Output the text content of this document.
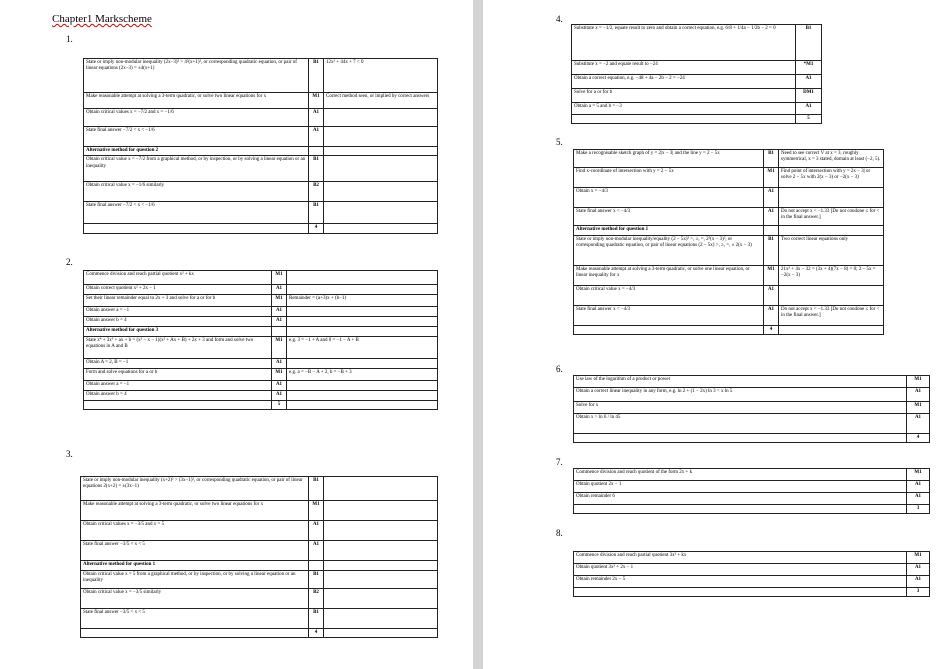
Chapter1 Markscheme
1.
State or imply non-modular inequality (2x−3)² > 4²(x+1)², or corresponding quadratic equation, or pair of linear equations (2x−3) = ±4(x+1)	B1	12x² + 44x + 7 < 0
Make reasonable attempt at solving a 3-term quadratic, or solve two linear equations for x	M1	Correct method seen, or implied by correct answers
Obtain critical values x = −7/2 and x = −1/6	A1	
State final answer −7/2 < x < −1/6	A1	
Alternative method for question 2		
Obtain critical value x = −7/2 from a graphical method, or by inspection, or by solving a linear equation or an inequality	B1	
Obtain critical value x = −1/6 similarly	B2	
State final answer −7/2 < x < −1/6	B1	
	4	
2.
Commence division and reach partial quotient x² + kx	M1	
Obtain correct quotient x² + 2x − 1	A1	
Set their linear remainder equal to 2x + 3 and solve for a or for b	M1	Remainder = (a+3)x + (b−1)
Obtain answer a = −1	A1	
Obtain answer b = 4	A1	
Alternative method for question 3		
State x⁴ + 3x³ + ax + b = (x² − x − 1)(x² + Ax + B) + 2x + 3 and form and solve two equations in A and B	M1	e.g. 3 = −1 + A and 0 = −1 − A + B
Obtain A = 2, B = −1	A1	
Form and solve equations for a or b	M1	e.g. a = −B − A + 2, b = −B + 3
Obtain answer a = −1	A1	
Obtain answer b = 4	A1	
	5	
3.
State or imply non-modular inequality (x+2)² > (3x−1)², or corresponding quadratic equation, or pair of linear equations 2(x+2) = ±(3x−1)	B1	
Make reasonable attempt at solving a 3-term quadratic, or solve two linear equations for x	M1	
Obtain critical values x = −3/5 and x = 5	A1	
State final answer −3/5 < x < 5	A1	
Alternative method for question 1		
Obtain critical value x = 5 from a graphical method, or by inspection, or by solving a linear equation or an inequality	B1	
Obtain critical value x = −3/5 similarly	B2	
State final answer −3/5 < x < 5	B1	
	4	
4.
Substitute x = −1/2, equate result to zero and obtain a correct equation, e.g. 6/8 + 1/4a − 1/2b − 2 = 0	B1
Substitute x = −2 and equate result to −24	*M1
Obtain a correct equation, e.g. −48 + 4a − 2b − 2 = −24	A1
Solve for a or for b	DM1
Obtain a = 5 and b = −3	A1
	5
5.
Make a recognisable sketch graph of y = 2|x − 3| and the line y = 2 − 5x	B1	Need to see correct V at x = 3, roughly symmetrical, x = 3 stated, domain at least (−2, 5).
Find x-coordinate of intersection with y = 2 − 5x	M1	Find point of intersection with y = 2x − 3| or solve 2 − 5x with 2(x − 3) or −2(x − 3)
Obtain x = −4/3	A1	
State final answer x < −4/3	A1	Do not accept x < −1.33 [Do not condone ≤ for < in the final answer.]
Alternative method for question 1		
State or imply non-modular inequality/equality (2 − 5x)² >, ≥, =, 2²(x − 3)², or corresponding quadratic equation, or pair of linear equations (2 − 5x) >, ≥, =, ± 2(x − 3)	B1	Two correct linear equations only
Make reasonable attempt at solving a 3-term quadratic, or solve one linear equation, or linear inequality for x	M1	21x² + 4x − 32 = (3x + 4)(7x − 8) = 0; 2 − 5x = −2(x − 3)
Obtain critical value x = −4/3	A1	
State final answer x < −4/3	A1	Do not accept x < −1.33 [Do not condone ≤ for < in the final answer.]
	4	
6.
Use law of the logarithm of a product or power	M1
Obtain a correct linear inequality in any form, e.g. ln 2 + (1 − 2x) ln 3 < x ln 5	A1
Solve for x	M1
Obtain x > ln 6 / ln 45	A1
	4
7.
Commence division and reach quotient of the form 2x + k	M1
Obtain quotient 2x − 1	A1
Obtain remainder 6	A1
	3
8.
Commence division and reach partial quotient 3x² + kx	M1
Obtain quotient 3x² + 2x − 1	A1
Obtain remainder 2x − 5	A1
	3
